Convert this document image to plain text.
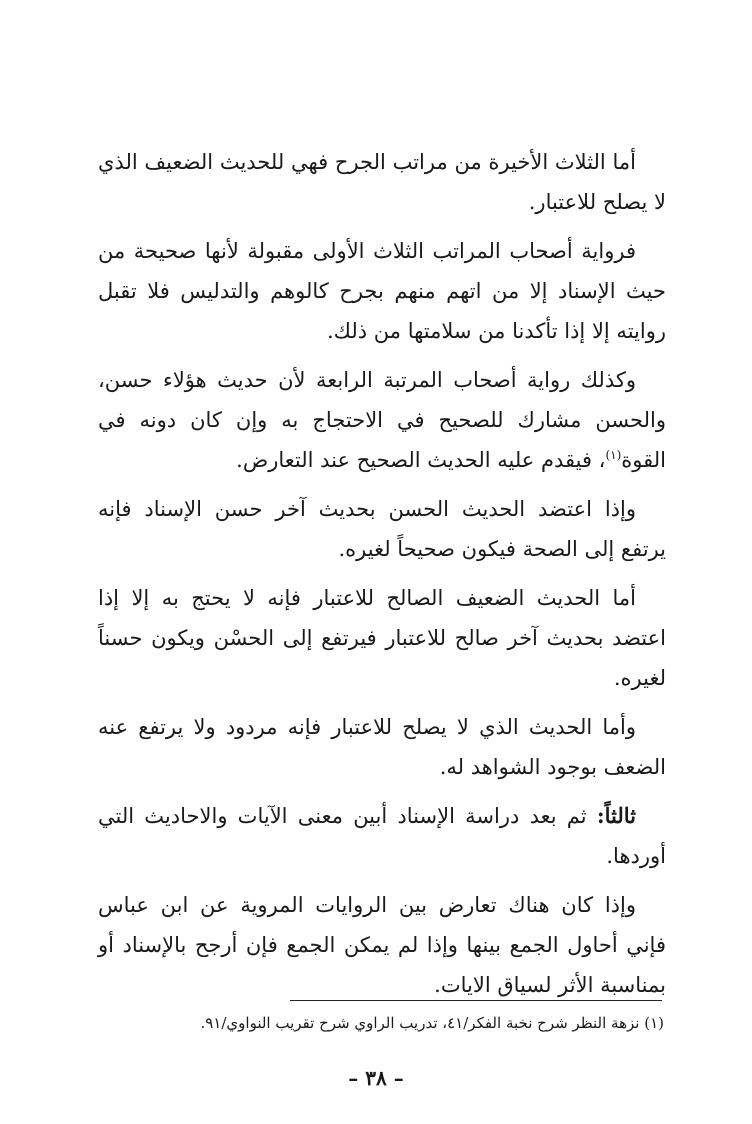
أما الثلاث الأخيرة من مراتب الجرح فهي للحديث الضعيف الذي لا يصلح للاعتبار.

فرواية أصحاب المراتب الثلاث الأولى مقبولة لأنها صحيحة من حيث الإسناد إلا من اتهم منهم بجرح كالوهم والتدليس فلا تقبل روايته إلا إذا تأكدنا من سلامتها من ذلك.

وكذلك رواية أصحاب المرتبة الرابعة لأن حديث هؤلاء حسن، والحسن مشارك للصحيح في الاحتجاج به وإن كان دونه في القوة$^{(١)}$، فيقدم عليه الحديث الصحيح عند التعارض.

وإذا اعتضد الحديث الحسن بحديث آخر حسن الإسناد فإنه يرتفع إلى الصحة فيكون صحيحاً لغيره.

أما الحديث الضعيف الصالح للاعتبار فإنه لا يحتج به إلا إذا اعتضد بحديث آخر صالح للاعتبار فيرتفع إلى الحسْن ويكون حسناً لغيره.

وأما الحديث الذي لا يصلح للاعتبار فإنه مردود ولا يرتفع عنه الضعف بوجود الشواهد له.

ثالثاً: ثم بعد دراسة الإسناد أبين معنى الآيات والاحاديث التي أوردها.

وإذا كان هناك تعارض بين الروايات المروية عن ابن عباس فإني أحاول الجمع بينها وإذا لم يمكن الجمع فإن أرجح بالإسناد أو بمناسبة الأثر لسياق الايات.

(١) نزهة النظر شرح نخبة الفكر/٤١، تدريب الراوي شرح تقريب النواوي/٩١.
– ٣٨ –
